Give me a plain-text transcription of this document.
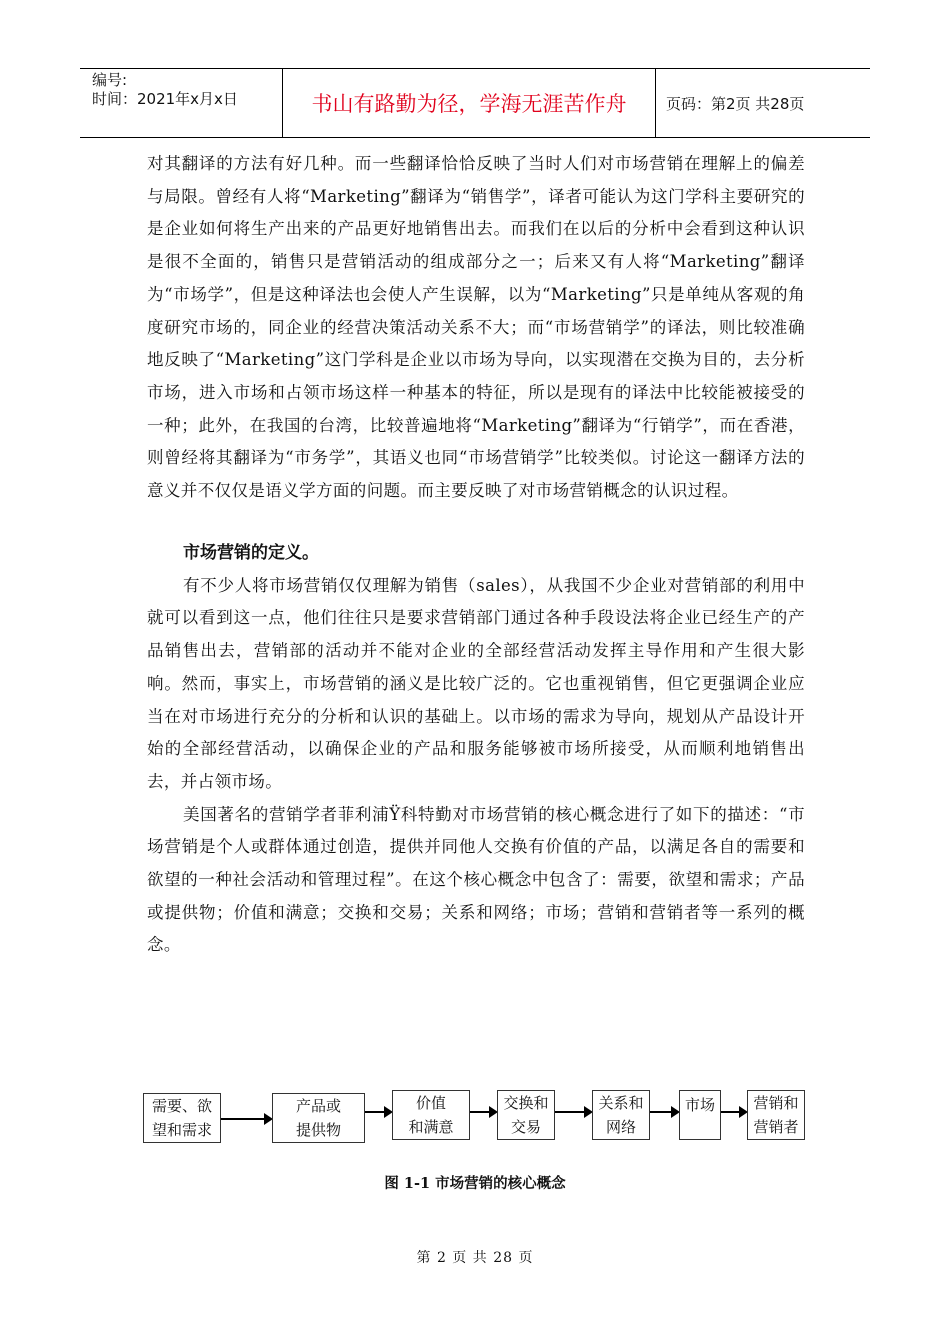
编号:
时间：2021年x月x日	书山有路勤为径，学海无涯苦作舟	页码：第2页 共28页

对其翻译的方法有好几种。而一些翻译恰恰反映了当时人们对市场营销在理解上的偏差与局限。曾经有人将“Marketing”翻译为“销售学”，译者可能认为这门学科主要研究的是企业如何将生产出来的产品更好地销售出去。而我们在以后的分析中会看到这种认识是很不全面的，销售只是营销活动的组成部分之一；后来又有人将“Marketing”翻译为“市场学”，但是这种译法也会使人产生误解，以为“Marketing”只是单纯从客观的角度研究市场的，同企业的经营决策活动关系不大；而“市场营销学”的译法，则比较准确地反映了“Marketing”这门学科是企业以市场为导向，以实现潜在交换为目的，去分析市场，进入市场和占领市场这样一种基本的特征，所以是现有的译法中比较能被接受的一种；此外，在我国的台湾，比较普遍地将“Marketing”翻译为“行销学”，而在香港，则曾经将其翻译为“市务学”，其语义也同“市场营销学”比较类似。讨论这一翻译方法的意义并不仅仅是语义学方面的问题。而主要反映了对市场营销概念的认识过程。

市场营销的定义。

有不少人将市场营销仅仅理解为销售（sales），从我国不少企业对营销部的利用中就可以看到这一点，他们往往只是要求营销部门通过各种手段设法将企业已经生产的产品销售出去，营销部的活动并不能对企业的全部经营活动发挥主导作用和产生很大影响。然而，事实上，市场营销的涵义是比较广泛的。它也重视销售，但它更强调企业应当在对市场进行充分的分析和认识的基础上。以市场的需求为导向，规划从产品设计开始的全部经营活动，以确保企业的产品和服务能够被市场所接受，从而顺利地销售出去，并占领市场。

美国著名的营销学者菲利浦Ÿ科特勤对市场营销的核心概念进行了如下的描述：“市场营销是个人或群体通过创造，提供并同他人交换有价值的产品，以满足各自的需要和欲望的一种社会活动和管理过程”。在这个核心概念中包含了：需要，欲望和需求；产品或提供物；价值和满意；交换和交易；关系和网络；市场；营销和营销者等一系列的概念。

需要、欲
望和需求
产品或
提供物
价值
和满意
交换和
交易
关系和
网络
市场	营销和
营销者
图 1-1 市场营销的核心概念
第 2 页 共 28 页
